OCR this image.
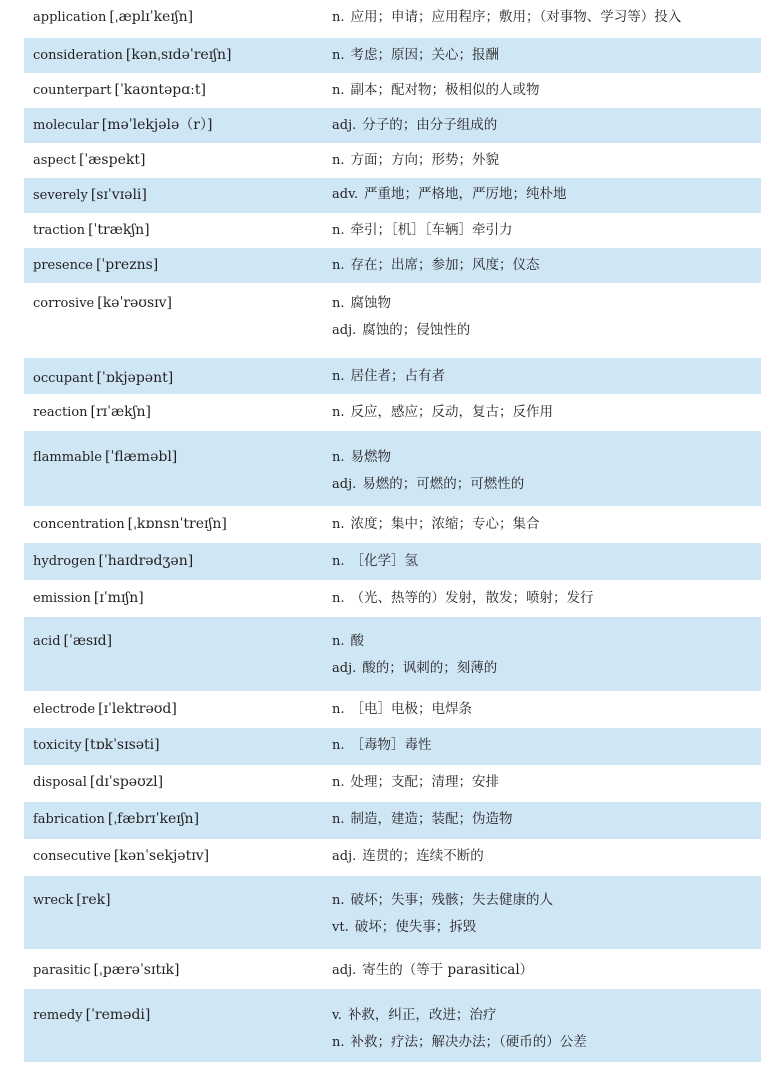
application [ˌæplɪˈkeɪʃn]	n. 应用；申请；应用程序；敷用；（对事物、学习等）投入
consideration [kənˌsɪdəˈreɪʃn]	n. 考虑；原因；关心；报酬
counterpart [ˈkaʊntəpɑːt]	n. 副本；配对物；极相似的人或物
molecular [məˈlekjələ（r）]	adj. 分子的；由分子组成的
aspect [ˈæspekt]	n. 方面；方向；形势；外貌
severely [sɪˈvɪəli]	adv. 严重地；严格地，严厉地；纯朴地
traction [ˈtrækʃn]	n. 牵引；［机］［车辆］牵引力
presence [ˈprezns]	n. 存在；出席；参加；风度；仪态
corrosive [kəˈrəʊsɪv]	n. 腐蚀物
adj. 腐蚀的；侵蚀性的
occupant [ˈɒkjəpənt]	n. 居住者；占有者
reaction [rɪˈækʃn]	n. 反应，感应；反动，复古；反作用
flammable [ˈflæməbl]	n. 易燃物
adj. 易燃的；可燃的；可燃性的
concentration [ˌkɒnsnˈtreɪʃn]	n. 浓度；集中；浓缩；专心；集合
hydrogen [ˈhaɪdrədʒən]	n. ［化学］氢
emission [ɪˈmɪʃn]	n. （光、热等的）发射，散发；喷射；发行
acid [ˈæsɪd]	n. 酸
adj. 酸的；讽刺的；刻薄的
electrode [ɪˈlektrəʊd]	n. ［电］电极；电焊条
toxicity [tɒkˈsɪsəti]	n. ［毒物］毒性
disposal [dɪˈspəʊzl]	n. 处理；支配；清理；安排
fabrication [ˌfæbrɪˈkeɪʃn]	n. 制造，建造；装配；伪造物
consecutive [kənˈsekjətɪv]	adj. 连贯的；连续不断的
wreck [rek]	n. 破坏；失事；残骸；失去健康的人
vt. 破坏；使失事；拆毁
parasitic [ˌpærəˈsɪtɪk]	adj. 寄生的（等于 parasitical）
remedy [ˈremədi]	v. 补救，纠正，改进；治疗
n. 补救；疗法；解决办法；（硬币的）公差
